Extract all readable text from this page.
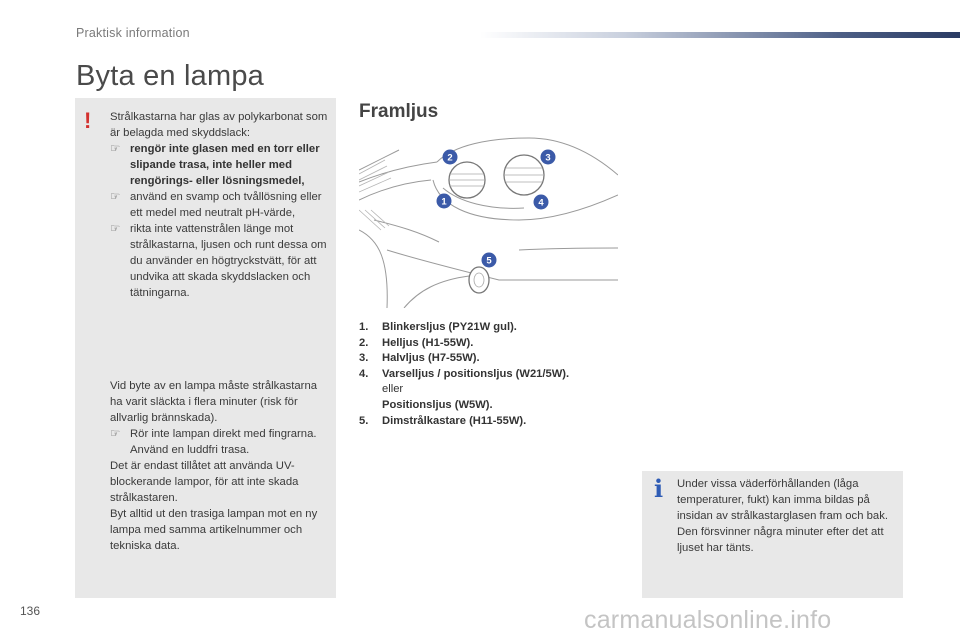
Praktisk information
Byta en lampa
! Strålkastarna har glas av polykarbonat som är belagda med skyddslack:
☞ rengör inte glasen med en torr eller slipande trasa, inte heller med rengörings- eller lösningsmedel,
☞ använd en svamp och tvållösning eller ett medel med neutralt pH-värde,
☞ rikta inte vattenstrålen länge mot strålkastarna, ljusen och runt dessa om du använder en högtryckstvätt, för att undvika att skada skyddslacken och tätningarna.
Vid byte av en lampa måste strålkastarna ha varit släckta i flera minuter (risk för allvarlig brännskada).
☞ Rör inte lampan direkt med fingrarna. Använd en luddfri trasa.
Det är endast tillåtet att använda UV-blockerande lampor, för att inte skada strålkastaren.
Byt alltid ut den trasiga lampan mot en ny lampa med samma artikelnummer och tekniska data.
Framljus
1
2	3
4
5
1.	Blinkersljus (PY21W gul).
2.	Helljus (H1-55W).
3.	Halvljus (H7-55W).
4.	Varselljus / positionsljus (W21/5W).
eller
Positionsljus (W5W).
5.	Dimstrålkastare (H11-55W).
i Under vissa väderförhållanden (låga temperaturer, fukt) kan imma bildas på insidan av strålkastarglasen fram och bak. Den försvinner några minuter efter det att ljuset har tänts.
136	carmanualsonline.info
